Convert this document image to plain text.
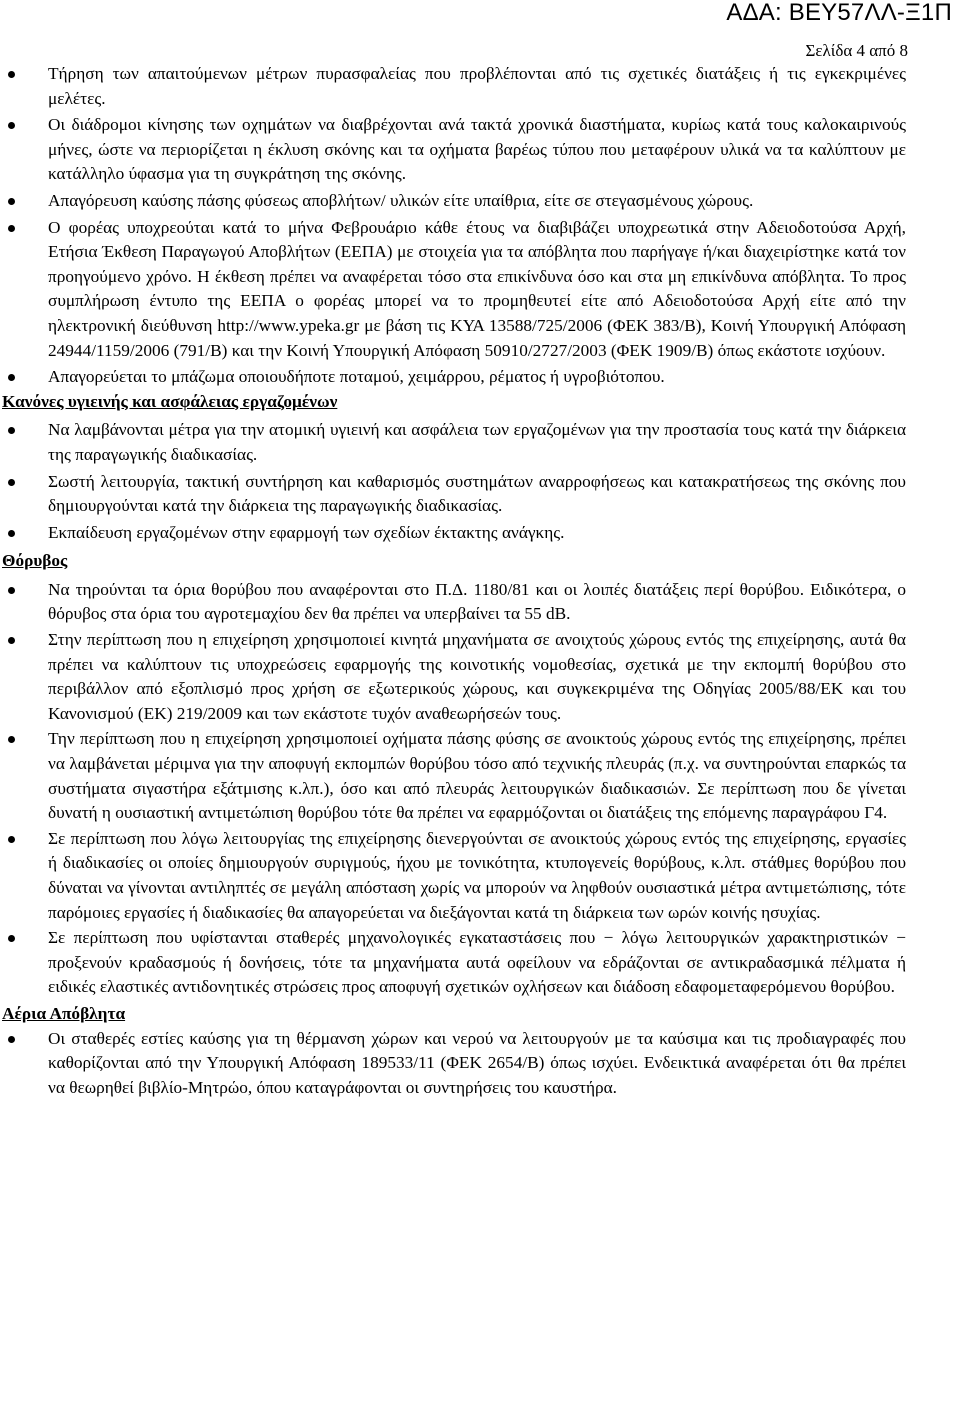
ΑΔΑ: ΒΕΥ57ΛΛ-Ξ1Π
Σελίδα 4 από 8
Τήρηση των απαιτούμενων μέτρων πυρασφαλείας που προβλέπονται από τις σχετικές διατάξεις ή τις εγκεκριμένες μελέτες.
Οι διάδρομοι κίνησης των οχημάτων να διαβρέχονται ανά τακτά χρονικά διαστήματα, κυρίως κατά τους καλοκαιρινούς μήνες, ώστε να περιορίζεται η έκλυση σκόνης και τα οχήματα βαρέως τύπου που μεταφέρουν υλικά να τα καλύπτουν με κατάλληλο ύφασμα για τη συγκράτηση της σκόνης.
Απαγόρευση καύσης πάσης φύσεως αποβλήτων/ υλικών είτε υπαίθρια, είτε σε στεγασμένους χώρους.
Ο φορέας υποχρεούται κατά το μήνα Φεβρουάριο κάθε έτους να διαβιβάζει υποχρεωτικά στην Αδειοδοτούσα Αρχή, Ετήσια Έκθεση Παραγωγού Αποβλήτων (ΕΕΠΑ) με στοιχεία για τα απόβλητα που παρήγαγε ή/και διαχειρίστηκε κατά τον προηγούμενο χρόνο. Η έκθεση πρέπει να αναφέρεται τόσο στα επικίνδυνα όσο και στα μη επικίνδυνα απόβλητα. Το προς συμπλήρωση έντυπο της ΕΕΠΑ ο φορέας μπορεί να το προμηθευτεί είτε από Αδειοδοτούσα Αρχή είτε από την ηλεκτρονική διεύθυνση http://www.ypeka.gr με βάση τις ΚΥΑ 13588/725/2006 (ΦΕΚ 383/Β), Κοινή Υπουργική Απόφαση 24944/1159/2006 (791/Β) και την Κοινή Υπουργική Απόφαση 50910/2727/2003 (ΦΕΚ 1909/Β) όπως εκάστοτε ισχύουν.
Απαγορεύεται το μπάζωμα οποιουδήποτε ποταμού, χειμάρρου, ρέματος ή υγροβιότοπου.
Κανόνες υγιεινής και ασφάλειας εργαζομένων
Να λαμβάνονται μέτρα για την ατομική υγιεινή και ασφάλεια των εργαζομένων για την προστασία τους κατά την διάρκεια της παραγωγικής διαδικασίας.
Σωστή λειτουργία, τακτική συντήρηση και καθαρισμός συστημάτων αναρροφήσεως και κατακρατήσεως της σκόνης που δημιουργούνται κατά την διάρκεια της παραγωγικής διαδικασίας.
Εκπαίδευση εργαζομένων στην εφαρμογή των σχεδίων έκτακτης ανάγκης.
Θόρυβος
Να τηρούνται τα όρια θορύβου που αναφέρονται στο Π.Δ. 1180/81 και οι λοιπές διατάξεις περί θορύβου. Ειδικότερα, ο θόρυβος στα όρια του αγροτεμαχίου δεν θα πρέπει να υπερβαίνει τα 55 dB.
Στην περίπτωση που η επιχείρηση χρησιμοποιεί κινητά μηχανήματα σε ανοιχτούς χώρους εντός της επιχείρησης, αυτά θα πρέπει να καλύπτουν τις υποχρεώσεις εφαρμογής της κοινοτικής νομοθεσίας, σχετικά με την εκπομπή θορύβου στο περιβάλλον από εξοπλισμό προς χρήση σε εξωτερικούς χώρους, και συγκεκριμένα της Οδηγίας 2005/88/ΕΚ και του Κανονισμού (ΕΚ) 219/2009 και των εκάστοτε τυχόν αναθεωρήσεών τους.
Την περίπτωση που η επιχείρηση χρησιμοποιεί οχήματα πάσης φύσης σε ανοικτούς χώρους εντός της επιχείρησης, πρέπει να λαμβάνεται μέριμνα για την αποφυγή εκπομπών θορύβου τόσο από τεχνικής πλευράς (π.χ. να συντηρούνται επαρκώς τα συστήματα σιγαστήρα εξάτμισης κ.λπ.), όσο και από πλευράς λειτουργικών διαδικασιών. Σε περίπτωση που δε γίνεται δυνατή η ουσιαστική αντιμετώπιση θορύβου τότε θα πρέπει να εφαρμόζονται οι διατάξεις της επόμενης παραγράφου Γ4.
Σε περίπτωση που λόγω λειτουργίας της επιχείρησης διενεργούνται σε ανοικτούς χώρους εντός της επιχείρησης, εργασίες ή διαδικασίες οι οποίες δημιουργούν συριγμούς, ήχου με τονικότητα, κτυπογενείς θορύβους, κ.λπ. στάθμες θορύβου που δύναται να γίνονται αντιληπτές σε μεγάλη απόσταση χωρίς να μπορούν να ληφθούν ουσιαστικά μέτρα αντιμετώπισης, τότε παρόμοιες εργασίες ή διαδικασίες θα απαγορεύεται να διεξάγονται κατά τη διάρκεια των ωρών κοινής ησυχίας.
Σε περίπτωση που υφίστανται σταθερές μηχανολογικές εγκαταστάσεις που − λόγω λειτουργικών χαρακτηριστικών − προξενούν κραδασμούς ή δονήσεις, τότε τα μηχανήματα αυτά οφείλουν να εδράζονται σε αντικραδασμικά πέλματα ή ειδικές ελαστικές αντιδονητικές στρώσεις προς αποφυγή σχετικών οχλήσεων και διάδοση εδαφομεταφερόμενου θορύβου.
Αέρια Απόβλητα
Οι σταθερές εστίες καύσης για τη θέρμανση χώρων και νερού να λειτουργούν με τα καύσιμα και τις προδιαγραφές που καθορίζονται από την Υπουργική Απόφαση 189533/11 (ΦΕΚ 2654/Β) όπως ισχύει. Ενδεικτικά αναφέρεται ότι θα πρέπει να θεωρηθεί βιβλίο-Μητρώο, όπου καταγράφονται οι συντηρήσεις του καυστήρα.
